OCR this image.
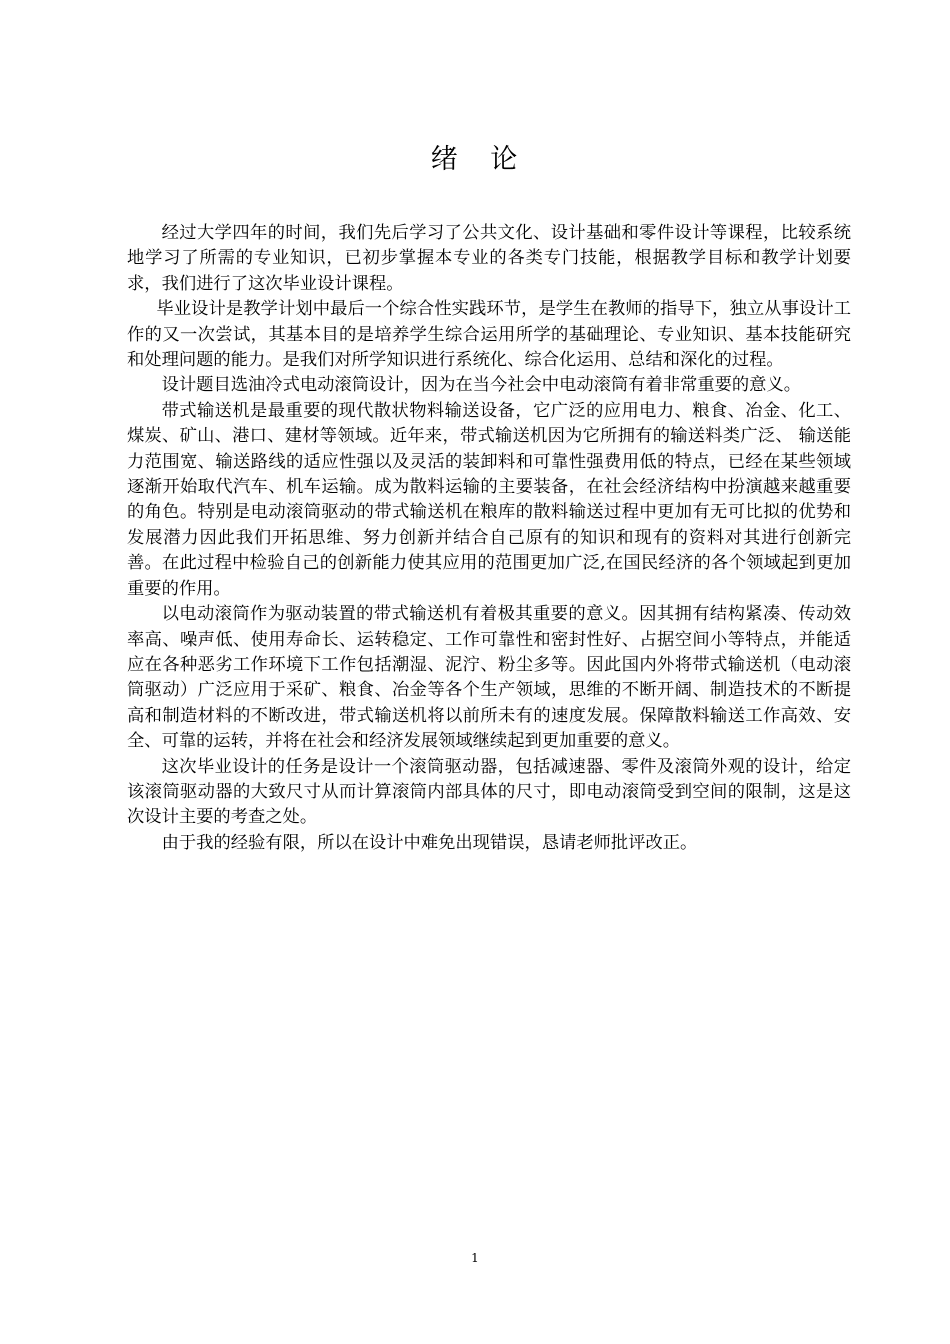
绪 论

经过大学四年的时间，我们先后学习了公共文化、设计基础和零件设计等课程，比较系统地学习了所需的专业知识，已初步掌握本专业的各类专门技能，根据教学目标和教学计划要求，我们进行了这次毕业设计课程。

毕业设计是教学计划中最后一个综合性实践环节，是学生在教师的指导下，独立从事设计工作的又一次尝试，其基本目的是培养学生综合运用所学的基础理论、专业知识、基本技能研究和处理问题的能力。是我们对所学知识进行系统化、综合化运用、总结和深化的过程。

设计题目选油冷式电动滚筒设计，因为在当今社会中电动滚筒有着非常重要的意义。

带式输送机是最重要的现代散状物料输送设备，它广泛的应用电力、粮食、冶金、化工、煤炭、矿山、港口、建材等领域。近年来，带式输送机因为它所拥有的输送料类广泛、 输送能力范围宽、输送路线的适应性强以及灵活的装卸料和可靠性强费用低的特点，已经在某些领域逐渐开始取代汽车、机车运输。成为散料运输的主要装备，在社会经济结构中扮演越来越重要的角色。特别是电动滚筒驱动的带式输送机在粮库的散料输送过程中更加有无可比拟的优势和发展潜力因此我们开拓思维、努力创新并结合自己原有的知识和现有的资料对其进行创新完善。在此过程中检验自己的创新能力使其应用的范围更加广泛,在国民经济的各个领域起到更加重要的作用。

以电动滚筒作为驱动装置的带式输送机有着极其重要的意义。因其拥有结构紧凑、传动效率高、噪声低、使用寿命长、运转稳定、工作可靠性和密封性好、占据空间小等特点，并能适应在各种恶劣工作环境下工作包括潮湿、泥泞、粉尘多等。因此国内外将带式输送机（电动滚筒驱动）广泛应用于采矿、粮食、冶金等各个生产领域，思维的不断开阔、制造技术的不断提高和制造材料的不断改进，带式输送机将以前所未有的速度发展。保障散料输送工作高效、安全、可靠的运转，并将在社会和经济发展领域继续起到更加重要的意义。

这次毕业设计的任务是设计一个滚筒驱动器，包括减速器、零件及滚筒外观的设计，给定该滚筒驱动器的大致尺寸从而计算滚筒内部具体的尺寸，即电动滚筒受到空间的限制，这是这次设计主要的考查之处。

由于我的经验有限，所以在设计中难免出现错误，恳请老师批评改正。

1
